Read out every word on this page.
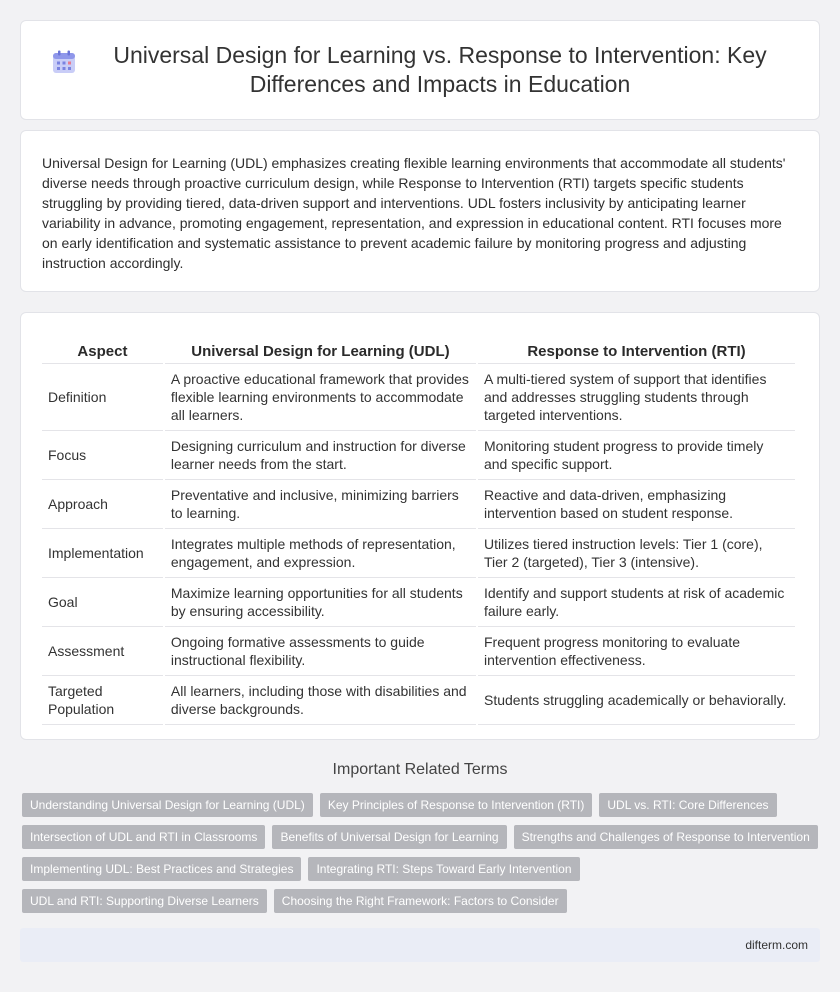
Universal Design for Learning vs. Response to Intervention: Key Differences and Impacts in Education

Universal Design for Learning (UDL) emphasizes creating flexible learning environments that accommodate all students' diverse needs through proactive curriculum design, while Response to Intervention (RTI) targets specific students struggling by providing tiered, data-driven support and interventions. UDL fosters inclusivity by anticipating learner variability in advance, promoting engagement, representation, and expression in educational content. RTI focuses more on early identification and systematic assistance to prevent academic failure by monitoring progress and adjusting instruction accordingly.

Aspect	Universal Design for Learning (UDL)	Response to Intervention (RTI)
Definition	A proactive educational framework that provides flexible learning environments to accommodate all learners.	A multi-tiered system of support that identifies and addresses struggling students through targeted interventions.
Focus	Designing curriculum and instruction for diverse learner needs from the start.	Monitoring student progress to provide timely and specific support.
Approach	Preventative and inclusive, minimizing barriers to learning.	Reactive and data-driven, emphasizing intervention based on student response.
Implementation	Integrates multiple methods of representation, engagement, and expression.	Utilizes tiered instruction levels: Tier 1 (core), Tier 2 (targeted), Tier 3 (intensive).
Goal	Maximize learning opportunities for all students by ensuring accessibility.	Identify and support students at risk of academic failure early.
Assessment	Ongoing formative assessments to guide instructional flexibility.	Frequent progress monitoring to evaluate intervention effectiveness.
Targeted Population	All learners, including those with disabilities and diverse backgrounds.	Students struggling academically or behaviorally.
Important Related Terms
Understanding Universal Design for Learning (UDL)	Key Principles of Response to Intervention (RTI)	UDL vs. RTI: Core Differences
Intersection of UDL and RTI in Classrooms	Benefits of Universal Design for Learning	Strengths and Challenges of Response to Intervention
Implementing UDL: Best Practices and Strategies	Integrating RTI: Steps Toward Early Intervention
UDL and RTI: Supporting Diverse Learners	Choosing the Right Framework: Factors to Consider
difterm.com
